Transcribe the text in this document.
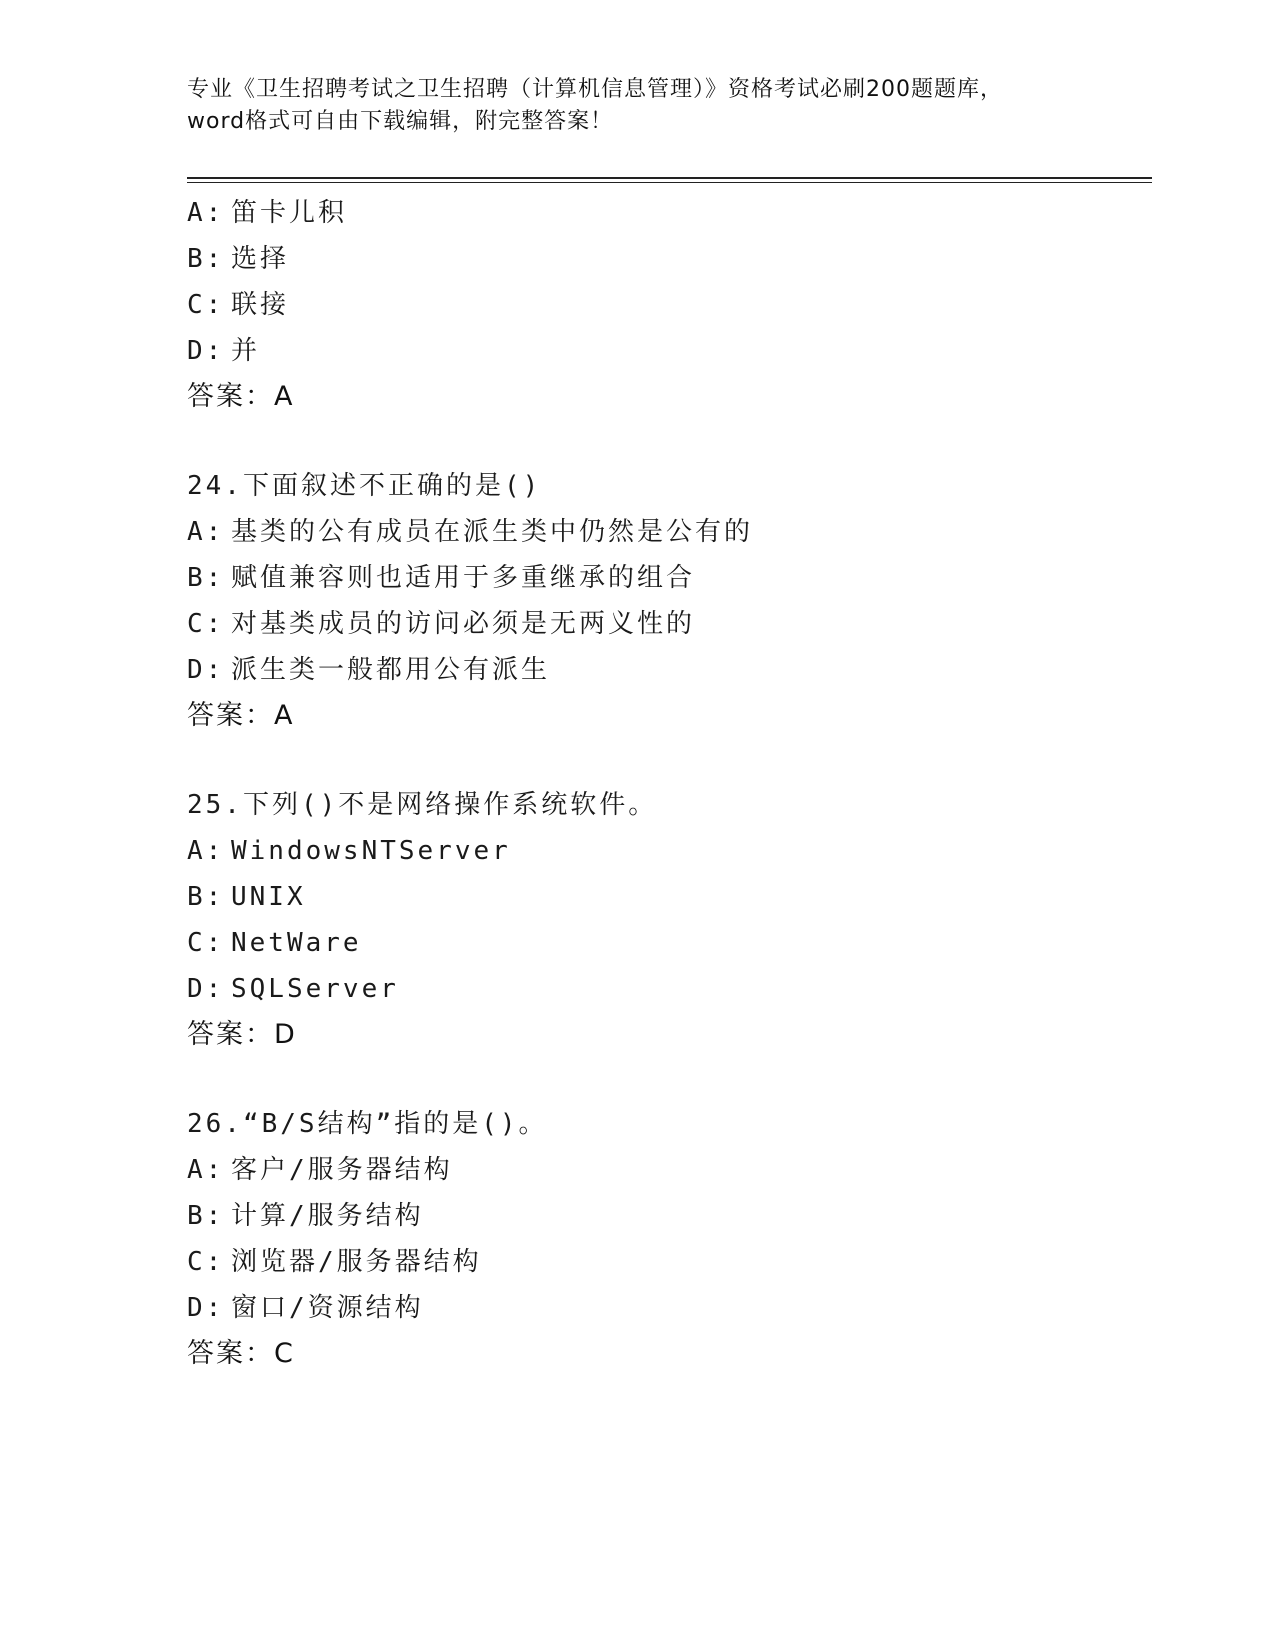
专业《卫生招聘考试之卫生招聘（计算机信息管理）》资格考试必刷200题题库，
word格式可自由下载编辑，附完整答案！
A: 笛卡儿积
B: 选择
C: 联接
D: 并
答案：A
24.下面叙述不正确的是()
A: 基类的公有成员在派生类中仍然是公有的
B: 赋值兼容则也适用于多重继承的组合
C: 对基类成员的访问必须是无两义性的
D: 派生类一般都用公有派生
答案：A
25.下列()不是网络操作系统软件。
A: WindowsNTServer
B: UNIX
C: NetWare
D: SQLServer
答案：D
26.“B/S结构”指的是()。
A: 客户/服务器结构
B: 计算/服务结构
C: 浏览器/服务器结构
D: 窗口/资源结构
答案：C
